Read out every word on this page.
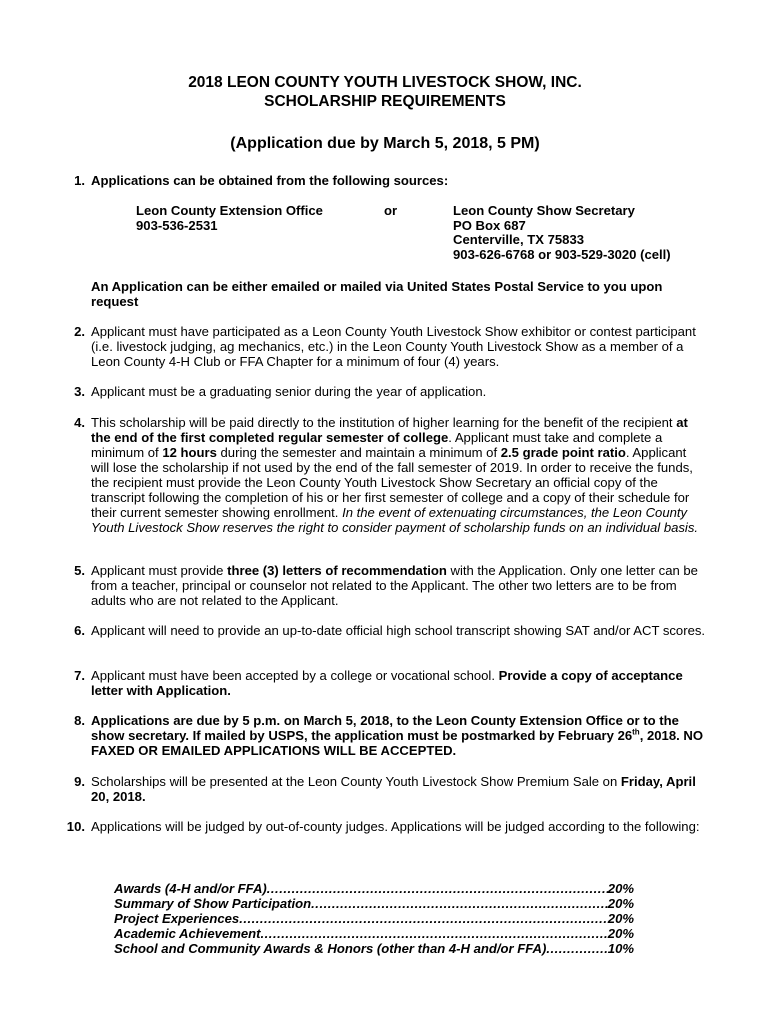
2018 LEON COUNTY YOUTH LIVESTOCK SHOW, INC.
SCHOLARSHIP REQUIREMENTS
(Application due by March 5, 2018, 5 PM)
1. Applications can be obtained from the following sources:
Leon County Extension Office
903-536-2531
or	Leon County Show Secretary
PO Box 687
Centerville, TX 75833
903-626-6768 or 903-529-3020 (cell)
An Application can be either emailed or mailed via United States Postal Service to you upon request
2. Applicant must have participated as a Leon County Youth Livestock Show exhibitor or contest participant (i.e. livestock judging, ag mechanics, etc.) in the Leon County Youth Livestock Show as a member of a Leon County 4-H Club or FFA Chapter for a minimum of four (4) years.
3. Applicant must be a graduating senior during the year of application.
4. This scholarship will be paid directly to the institution of higher learning for the benefit of the recipient at the end of the first completed regular semester of college. Applicant must take and complete a minimum of 12 hours during the semester and maintain a minimum of 2.5 grade point ratio. Applicant will lose the scholarship if not used by the end of the fall semester of 2019. In order to receive the funds, the recipient must provide the Leon County Youth Livestock Show Secretary an official copy of the transcript following the completion of his or her first semester of college and a copy of their schedule for their current semester showing enrollment. In the event of extenuating circumstances, the Leon County Youth Livestock Show reserves the right to consider payment of scholarship funds on an individual basis.
5. Applicant must provide three (3) letters of recommendation with the Application. Only one letter can be from a teacher, principal or counselor not related to the Applicant. The other two letters are to be from adults who are not related to the Applicant.
6. Applicant will need to provide an up-to-date official high school transcript showing SAT and/or ACT scores.
7. Applicant must have been accepted by a college or vocational school. Provide a copy of acceptance letter with Application.
8. Applications are due by 5 p.m. on March 5, 2018, to the Leon County Extension Office or to the show secretary. If mailed by USPS, the application must be postmarked by February 26th, 2018. NO FAXED OR EMAILED APPLICATIONS WILL BE ACCEPTED.
9. Scholarships will be presented at the Leon County Youth Livestock Show Premium Sale on Friday, April 20, 2018.
10. Applications will be judged by out-of-county judges. Applications will be judged according to the following:
Awards (4-H and/or FFA) .....	20%
Summary of Show Participation .....	20%
Project Experiences .....	20%
Academic Achievement .....	20%
School and Community Awards & Honors (other than 4-H and/or FFA) .....	10%
